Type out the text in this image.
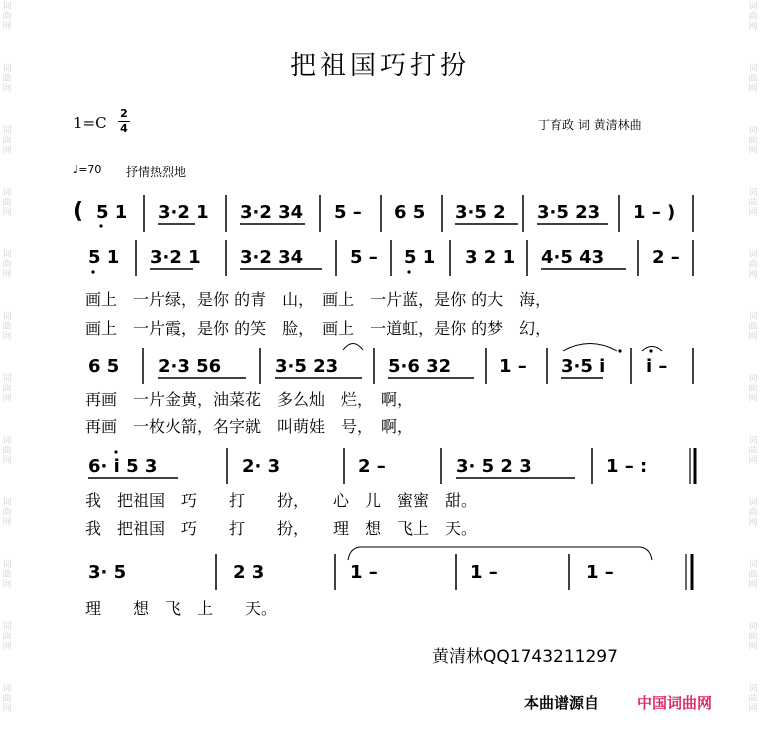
词
曲
网
词
曲
网
词
曲
网
词
曲
网
词
曲
网
词
曲
网
词
曲
网
词
曲
网
词
曲
网
词
曲
网
词
曲
网
词
曲
网
词
曲
网
词
曲
网
词
曲
网
词
曲
网
词
曲
网
词
曲
网
词
曲
网
词
曲
网
词
曲
网
词
曲
网
词
曲
网
词
曲
网
把祖国巧打扮
1=C
2
4	丁育政 词 黄清林曲
♩=70 抒情热烈地
( 5 1 3·2 1 3·2 34 5 – 6 5 3·5 2 3·5 23 1 – )
5 1 3·2 1 3·2 34	5 – 5 1 3 2 1 4·5 43	2 –
6 5 2·3 56	3·5 23	5·6 32	1 – 3·5 i i –
6· i 5 3	2· 3	2 –	3· 5 2 3	1 – :
3· 5	2 3	1 –	1 –	1 –
画上　一片绿，是你 的青　山，　画上　一片蓝，是你 的大　海，
画上　一片霞，是你 的笑　脸，　画上　一道虹，是你 的梦　幻，
再画　一片金黄，油菜花　多么灿　烂，　啊，
再画　一枚火箭，名字就　叫萌娃　号，　啊，
我　把祖国　巧　　打　　扮，　　心　儿　蜜蜜　甜。
我　把祖国　巧　　打　　扮，　　理　想　飞上　天。
理　　想　飞　上　　天。
黄清林QQ1743211297
本曲谱源自	中国词曲网
